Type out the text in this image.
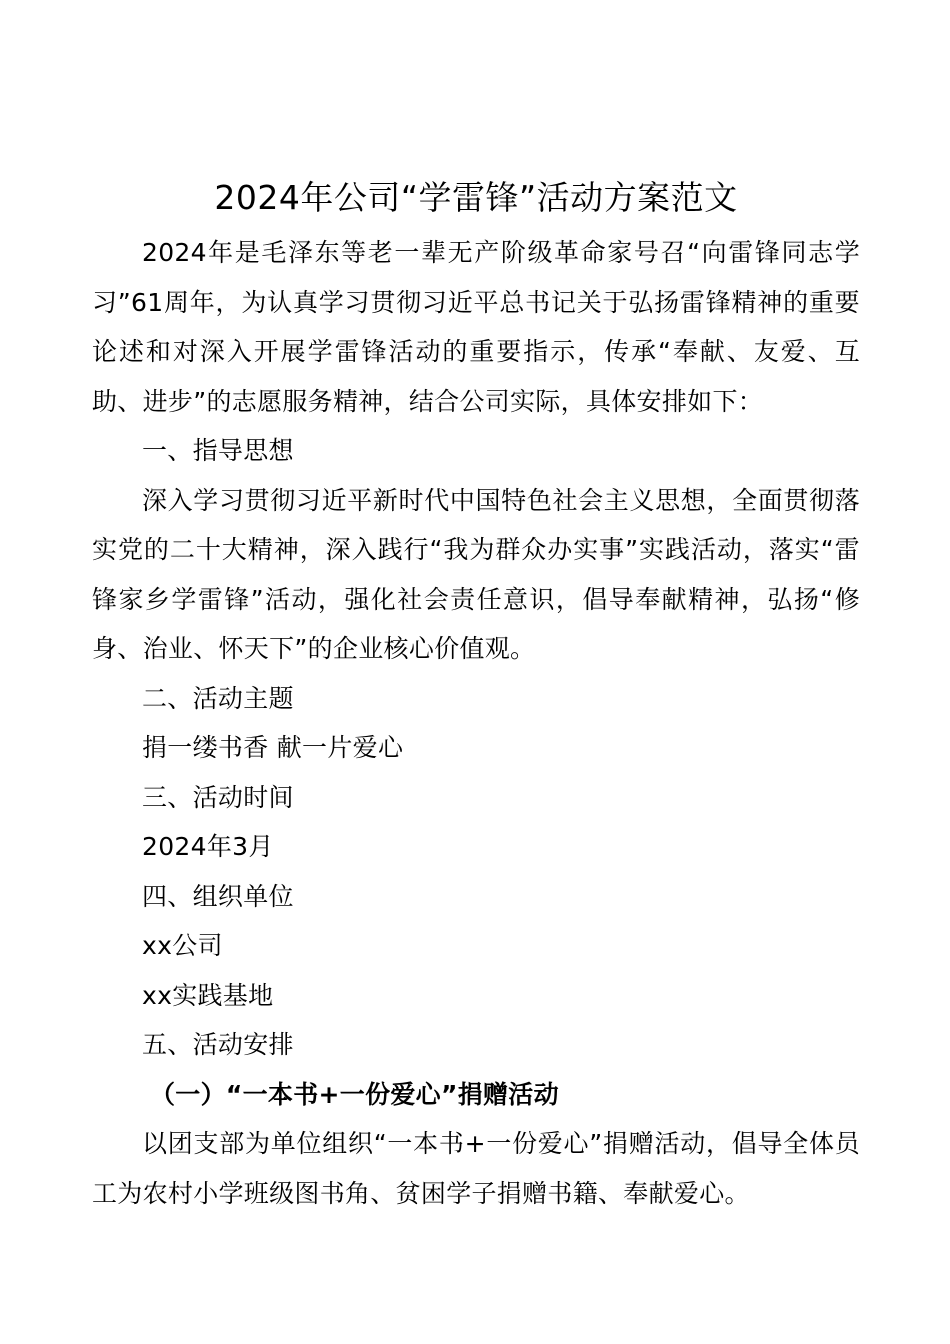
2024年公司“学雷锋”活动方案范文

2024年是毛泽东等老一辈无产阶级革命家号召“向雷锋同志学习”61周年，为认真学习贯彻习近平总书记关于弘扬雷锋精神的重要论述和对深入开展学雷锋活动的重要指示，传承“奉献、友爱、互助、进步”的志愿服务精神，结合公司实际，具体安排如下：

一、指导思想

深入学习贯彻习近平新时代中国特色社会主义思想，全面贯彻落实党的二十大精神，深入践行“我为群众办实事”实践活动，落实“雷锋家乡学雷锋”活动，强化社会责任意识，倡导奉献精神，弘扬“修身、治业、怀天下”的企业核心价值观。

二、活动主题

捐一缕书香 献一片爱心

三、活动时间

2024年3月

四、组织单位

xx公司

xx实践基地

五、活动安排

（一）“一本书+一份爱心”捐赠活动

以团支部为单位组织“一本书+一份爱心”捐赠活动，倡导全体员工为农村小学班级图书角、贫困学子捐赠书籍、奉献爱心。
